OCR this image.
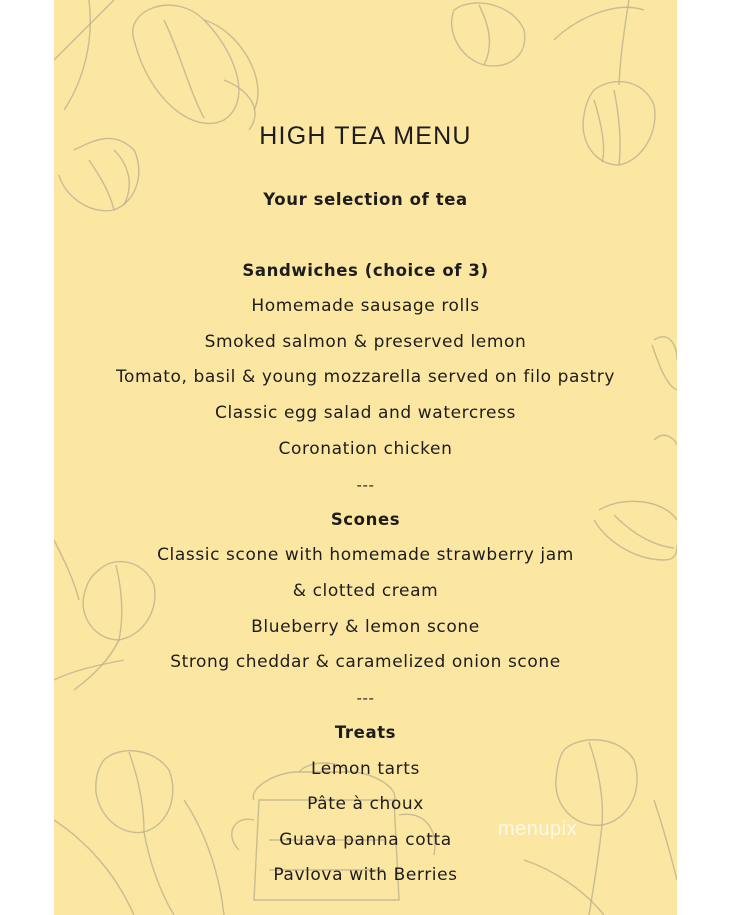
HIGH TEA MENU
Your selection of tea
Sandwiches (choice of 3)
Homemade sausage rolls
Smoked salmon & preserved lemon
Tomato, basil & young mozzarella served on filo pastry
Classic egg salad and watercress
Coronation chicken
---
Scones
Classic scone with homemade strawberry jam
& clotted cream
Blueberry & lemon scone
Strong cheddar & caramelized onion scone
---
Treats
Lemon tarts
Pâte à choux
Guava panna cotta
Pavlova with Berries
menupix
